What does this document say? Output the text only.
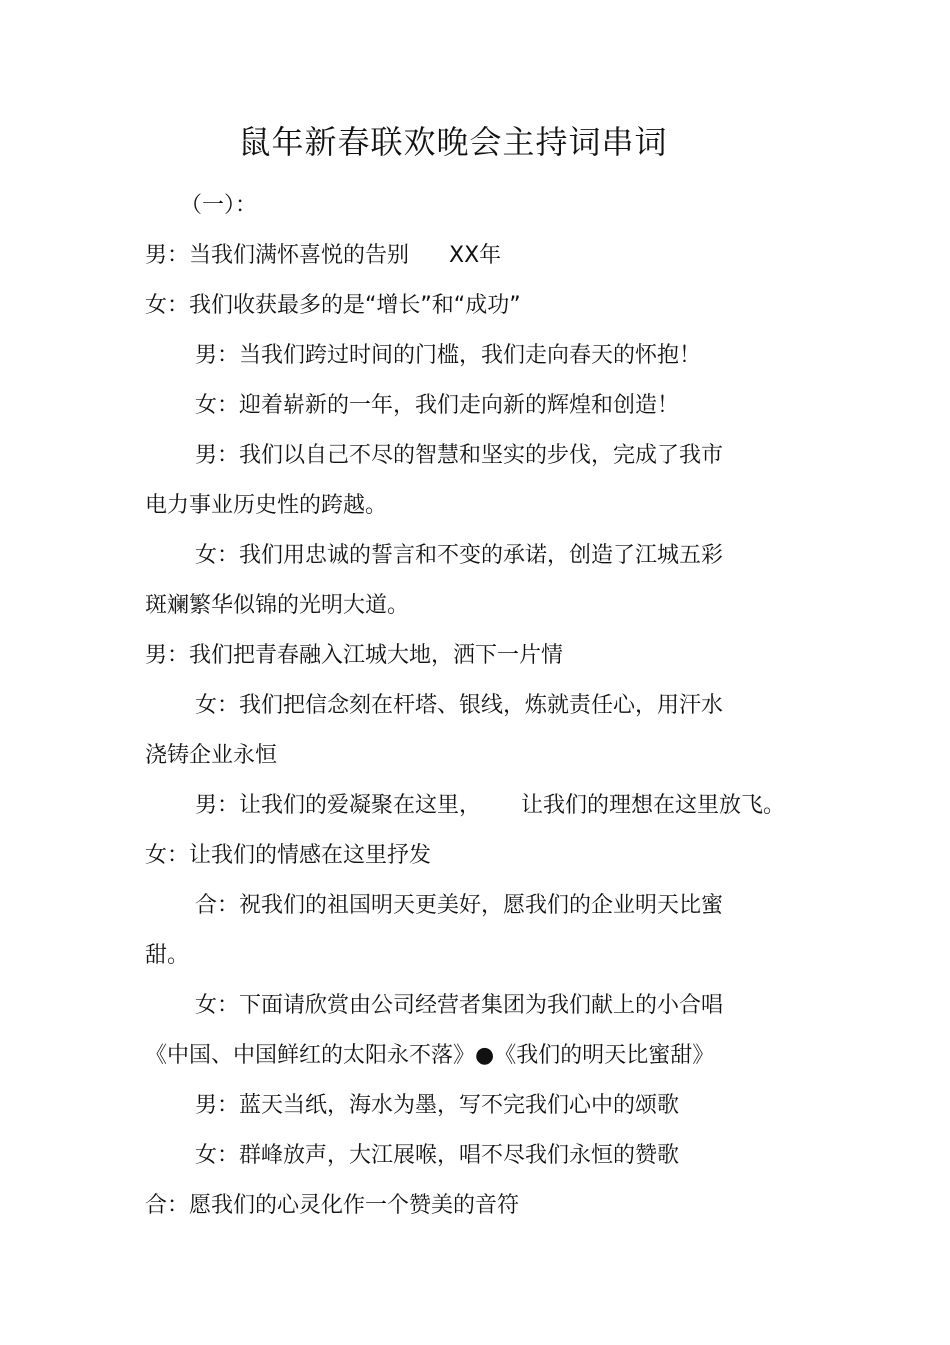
鼠年新春联欢晚会主持词串词
（一）：
男：当我们满怀喜悦的告别 XX年
女：我们收获最多的是“增长”和“成功”
男：当我们跨过时间的门槛，我们走向春天的怀抱！
女：迎着崭新的一年，我们走向新的辉煌和创造！
男：我们以自己不尽的智慧和坚实的步伐，完成了我市
电力事业历史性的跨越。
女：我们用忠诚的誓言和不变的承诺，创造了江城五彩
斑斓繁华似锦的光明大道。
男：我们把青春融入江城大地，洒下一片情
女：我们把信念刻在杆塔、银线，炼就责任心，用汗水
浇铸企业永恒
男：让我们的爱凝聚在这里， 让我们的理想在这里放飞。
女：让我们的情感在这里抒发
合：祝我们的祖国明天更美好，愿我们的企业明天比蜜
甜。
女：下面请欣赏由公司经营者集团为我们献上的小合唱
《中国、中国鲜红的太阳永不落》●《我们的明天比蜜甜》
男：蓝天当纸，海水为墨，写不完我们心中的颂歌
女：群峰放声，大江展喉，唱不尽我们永恒的赞歌
合：愿我们的心灵化作一个赞美的音符
